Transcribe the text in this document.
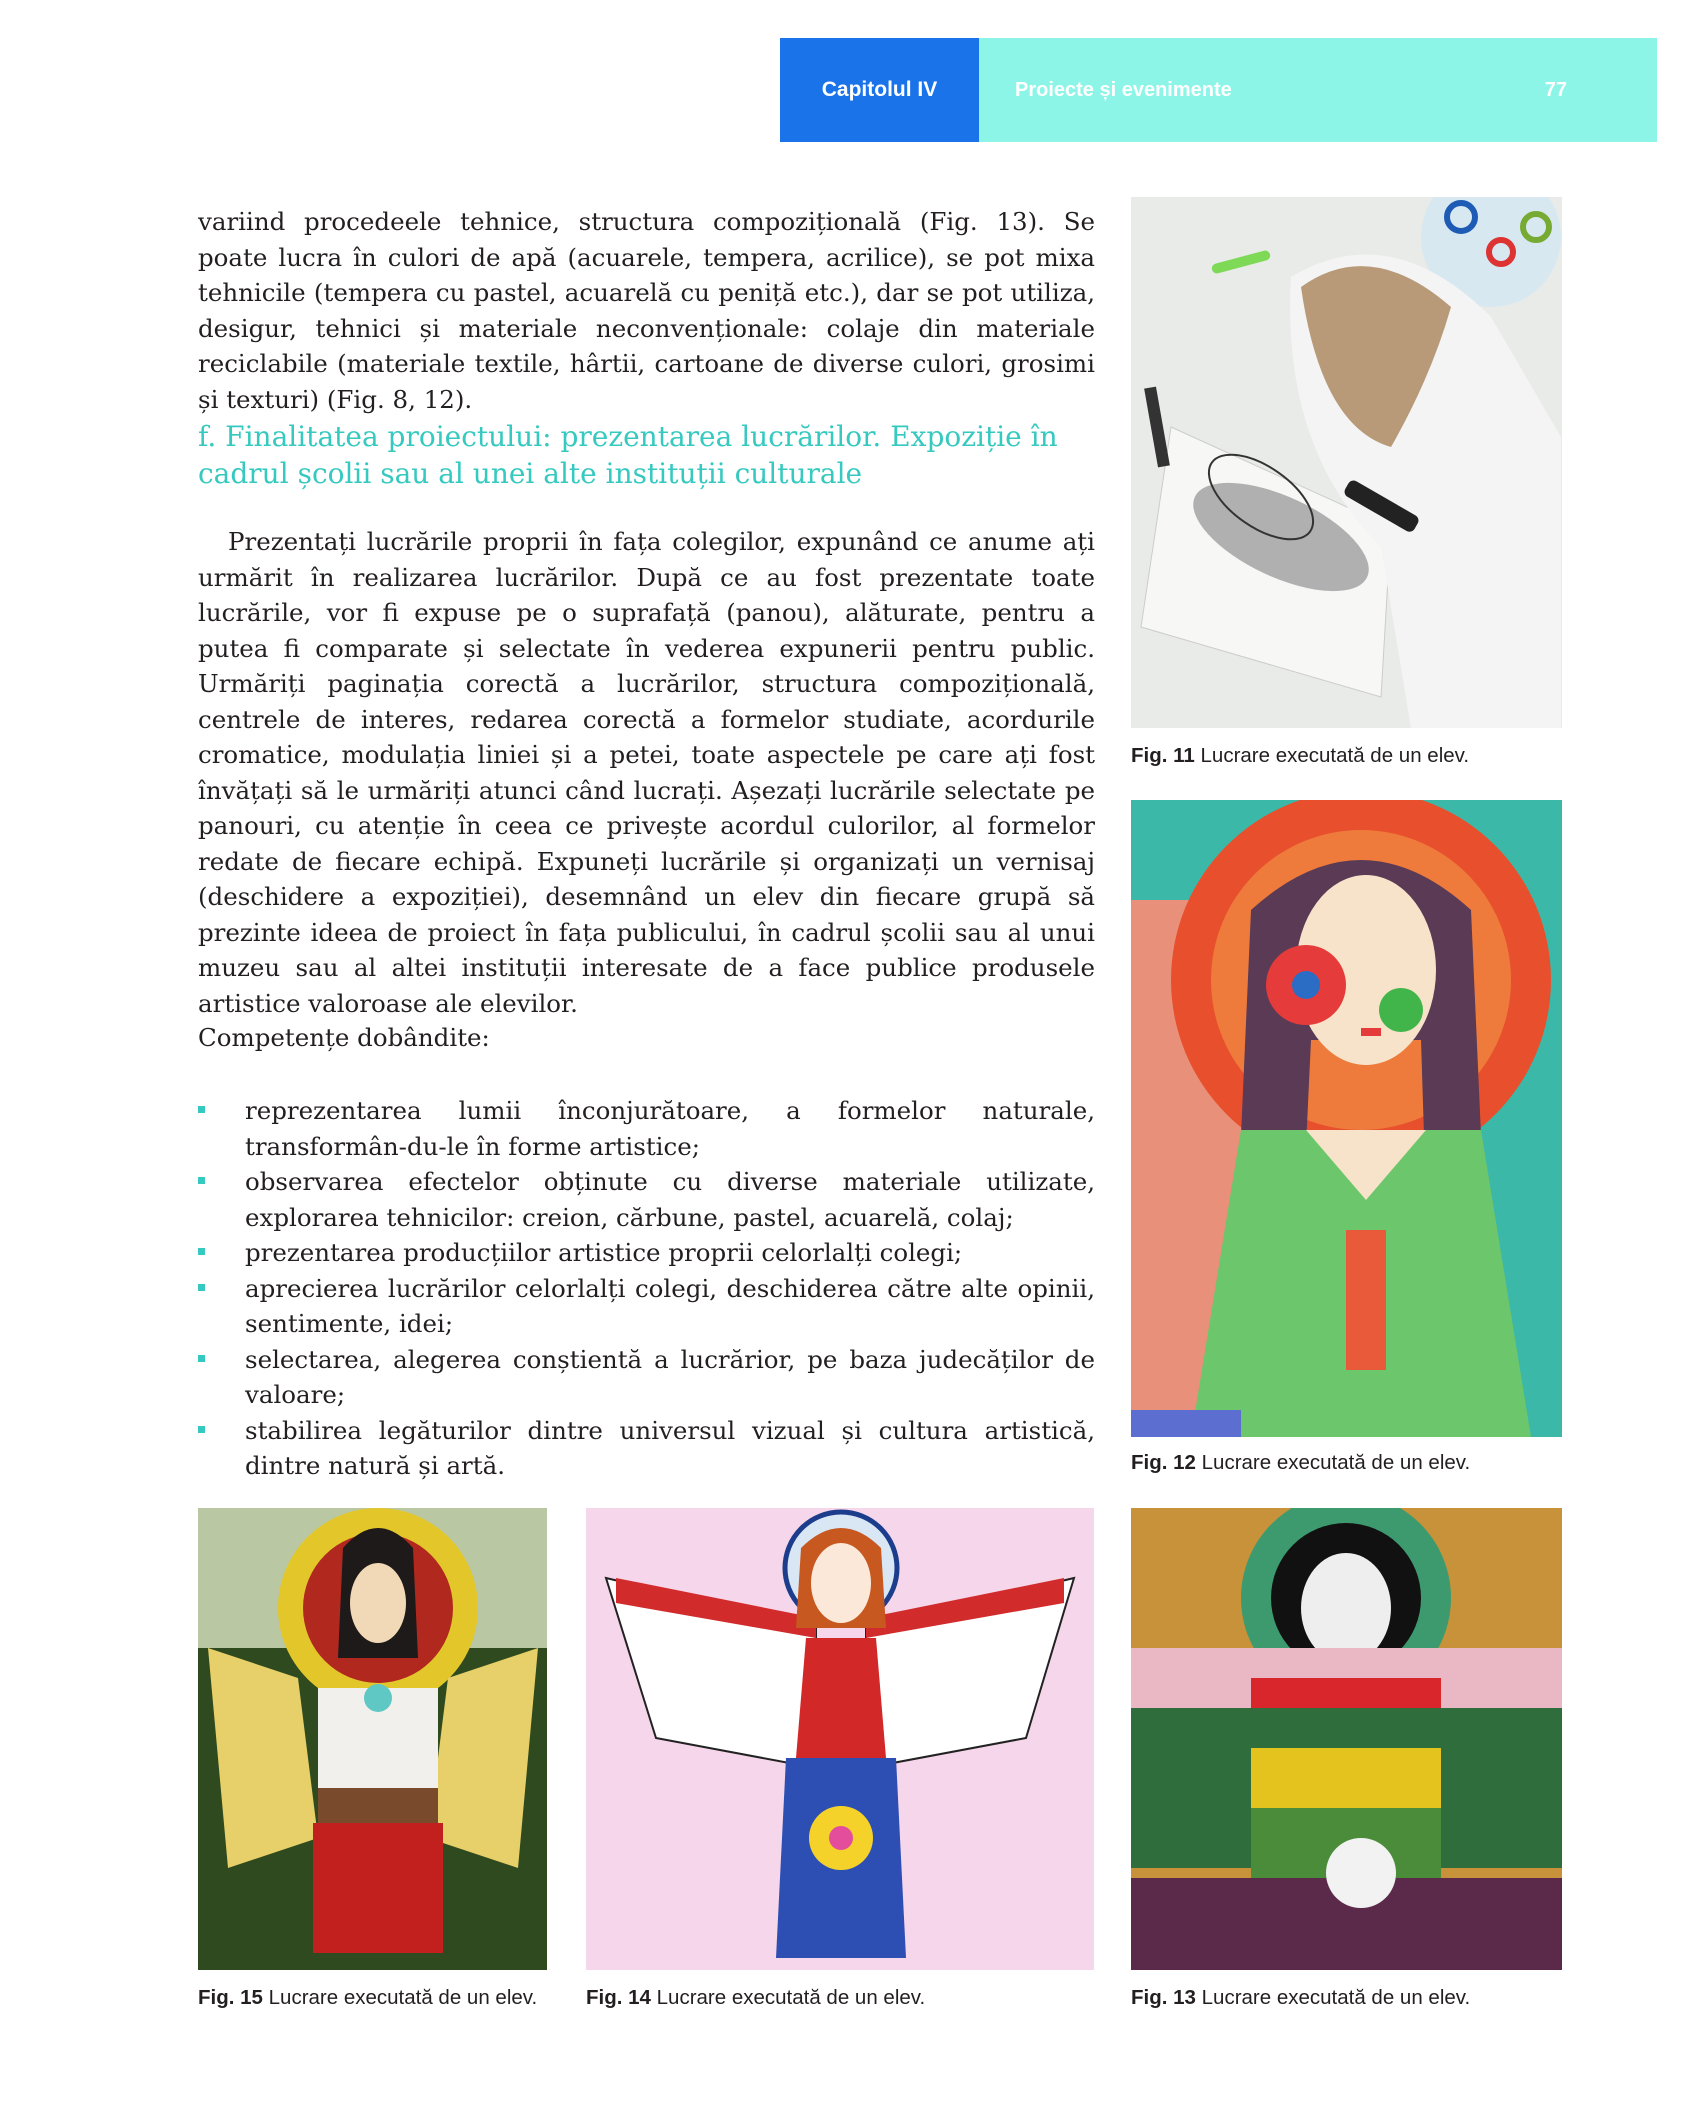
Capitolul IV	Proiecte și evenimente	77

variind procedeele tehnice, structura compozițională (Fig. 13). Se poate lucra în culori de apă (acuarele, tempera, acrilice), se pot mixa tehnicile (tempera cu pastel, acuarelă cu peniță etc.), dar se pot utiliza, desigur, tehnici și materiale neconvenționale: colaje din materiale reciclabile (materiale textile, hârtii, cartoane de diverse culori, grosimi și texturi) (Fig. 8, 12).

f. Finalitatea proiectului: prezentarea lucrărilor. Expoziție în cadrul școlii sau al unei alte instituții culturale

Prezentați lucrările proprii în fața colegilor, expunând ce anume ați urmărit în realizarea lucrărilor. După ce au fost prezentate toate lucrările, vor fi expuse pe o suprafață (panou), alăturate, pentru a putea fi comparate și selectate în vederea expunerii pentru public. Urmăriți paginația corectă a lucrărilor, structura compozițională, centrele de interes, redarea corectă a formelor studiate, acordurile cromatice, modulația liniei și a petei, toate aspectele pe care ați fost învățați să le urmăriți atunci când lucrați. Așezați lucrările selectate pe panouri, cu atenție în ceea ce privește acordul culorilor, al formelor redate de fiecare echipă. Expuneți lucrările și organizați un vernisaj (deschidere a expoziției), desemnând un elev din fiecare grupă să prezinte ideea de proiect în fața publicului, în cadrul școlii sau al unui muzeu sau al altei instituții interesate de a face publice produsele artistice valoroase ale elevilor.

Competențe dobândite:

reprezentarea lumii înconjurătoare, a formelor naturale, transformân-du-le în forme artistice;
observarea efectelor obținute cu diverse materiale utilizate, explorarea tehnicilor: creion, cărbune, pastel, acuarelă, colaj;
prezentarea producțiilor artistice proprii celorlalți colegi;
aprecierea lucrărilor celorlalți colegi, deschiderea către alte opinii, sentimente, idei;
selectarea, alegerea conștientă a lucrărior, pe baza judecăților de valoare;
stabilirea legăturilor dintre universul vizual și cultura artistică, dintre natură și artă.
Fig. 11 Lucrare executată de un elev.
Fig. 12 Lucrare executată de un elev.
Fig. 15 Lucrare executată de un elev. Fig. 14 Lucrare executată de un elev.	Fig. 13 Lucrare executată de un elev.
